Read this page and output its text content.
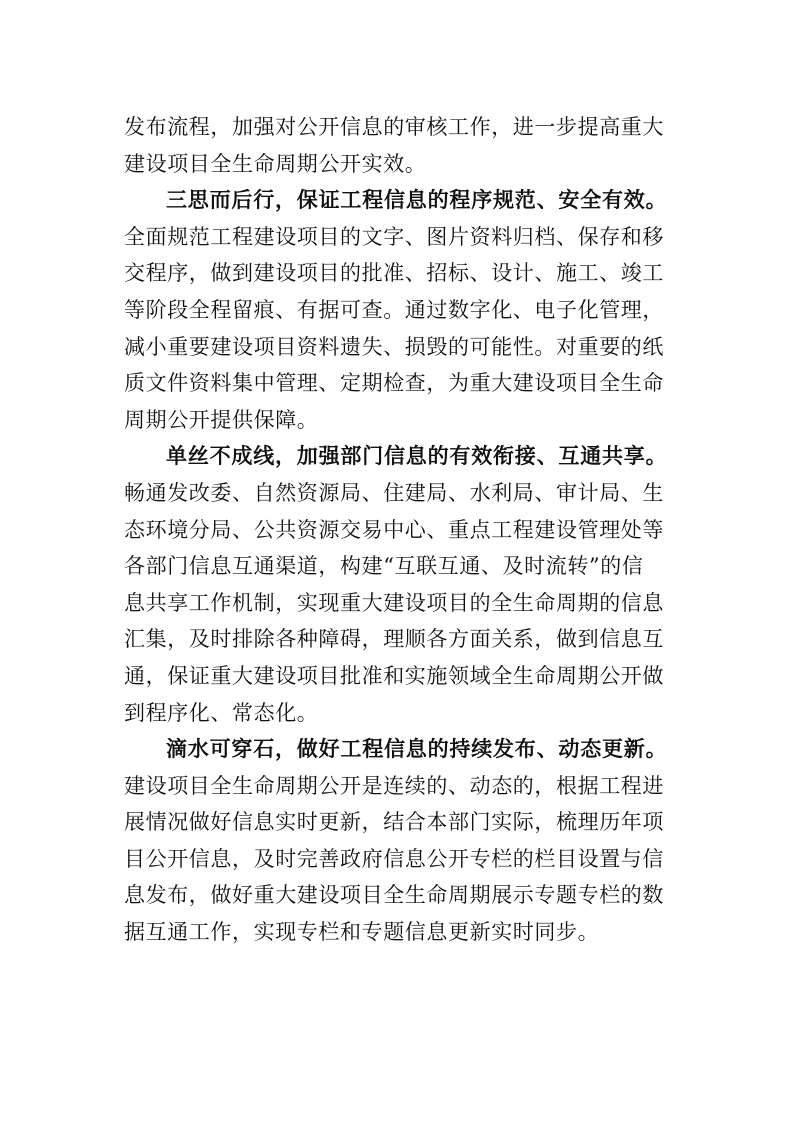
发布流程，加强对公开信息的审核工作，进一步提高重大
建设项目全生命周期公开实效。
三思而后行，保证工程信息的程序规范、安全有效。
全面规范工程建设项目的文字、图片资料归档、保存和移
交程序，做到建设项目的批准、招标、设计、施工、竣工
等阶段全程留痕、有据可查。通过数字化、电子化管理，
减小重要建设项目资料遗失、损毁的可能性。对重要的纸
质文件资料集中管理、定期检查，为重大建设项目全生命
周期公开提供保障。
单丝不成线，加强部门信息的有效衔接、互通共享。
畅通发改委、自然资源局、住建局、水利局、审计局、生
态环境分局、公共资源交易中心、重点工程建设管理处等
各部门信息互通渠道，构建“互联互通、及时流转”的信
息共享工作机制，实现重大建设项目的全生命周期的信息
汇集，及时排除各种障碍，理顺各方面关系，做到信息互
通，保证重大建设项目批准和实施领域全生命周期公开做
到程序化、常态化。
滴水可穿石，做好工程信息的持续发布、动态更新。
建设项目全生命周期公开是连续的、动态的，根据工程进
展情况做好信息实时更新，结合本部门实际，梳理历年项
目公开信息，及时完善政府信息公开专栏的栏目设置与信
息发布，做好重大建设项目全生命周期展示专题专栏的数
据互通工作，实现专栏和专题信息更新实时同步。
